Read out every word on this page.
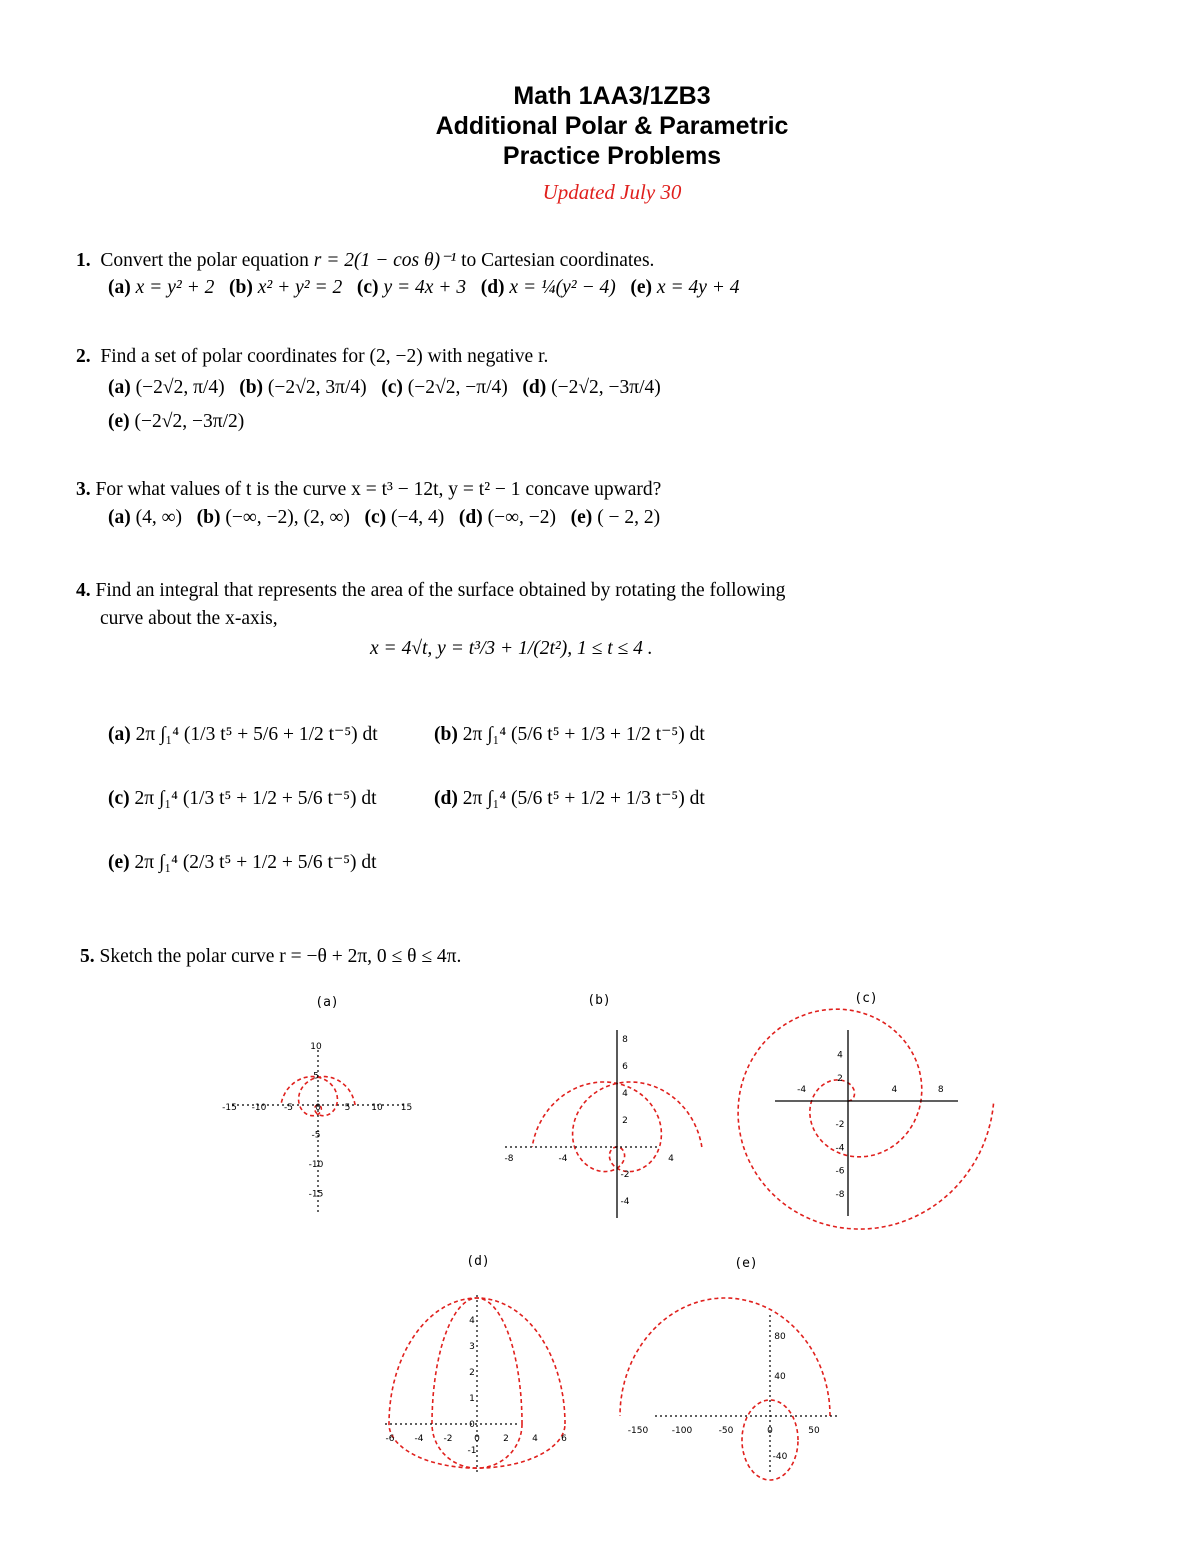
Math 1AA3/1ZB3
Additional Polar & Parametric
Practice Problems
Updated July 30
1. Convert the polar equation r = 2(1 − cos θ)⁻¹ to Cartesian coordinates.
(a) x = y² + 2 (b) x² + y² = 2 (c) y = 4x + 3 (d) x = ¼(y² − 4) (e) x = 4y + 4
2. Find a set of polar coordinates for (2, −2) with negative r.
(a) (−2√2, π/4) (b) (−2√2, 3π/4) (c) (−2√2, −π/4) (d) (−2√2, −3π/4)
(e) (−2√2, −3π/2)
3. For what values of t is the curve x = t³ − 12t, y = t² − 1 concave upward?
(a) (4, ∞) (b) (−∞, −2), (2, ∞) (c) (−4, 4) (d) (−∞, −2) (e) ( − 2, 2)
4. Find an integral that represents the area of the surface obtained by rotating the following
curve about the x-axis,
x = 4√t, y = t³/3 + 1/(2t²), 1 ≤ t ≤ 4 .
(a) 2π ∫₁⁴ (1/3 t⁵ + 5/6 + 1/2 t⁻⁵) dt	(b) 2π ∫₁⁴ (5/6 t⁵ + 1/3 + 1/2 t⁻⁵) dt
(c) 2π ∫₁⁴ (1/3 t⁵ + 1/2 + 5/6 t⁻⁵) dt	(d) 2π ∫₁⁴ (5/6 t⁵ + 1/2 + 1/3 t⁻⁵) dt
(e) 2π ∫₁⁴ (2/3 t⁵ + 1/2 + 5/6 t⁻⁵) dt
5. Sketch the polar curve r = −θ + 2π, 0 ≤ θ ≤ 4π.
(a)	(b)	(c)
(d)	(e)
-15 -10 -5 0	5 10 15
10
5
-5
-10
-15
-8	-4	4
8
6
4
2
-2
-4
-4	4	8
4
2
-2
-4
-6
-8
-6 -4 -2 0	2	4	6
4
3
2
1
0
-1
-150	-100	-50	0	50
80
40
-40
